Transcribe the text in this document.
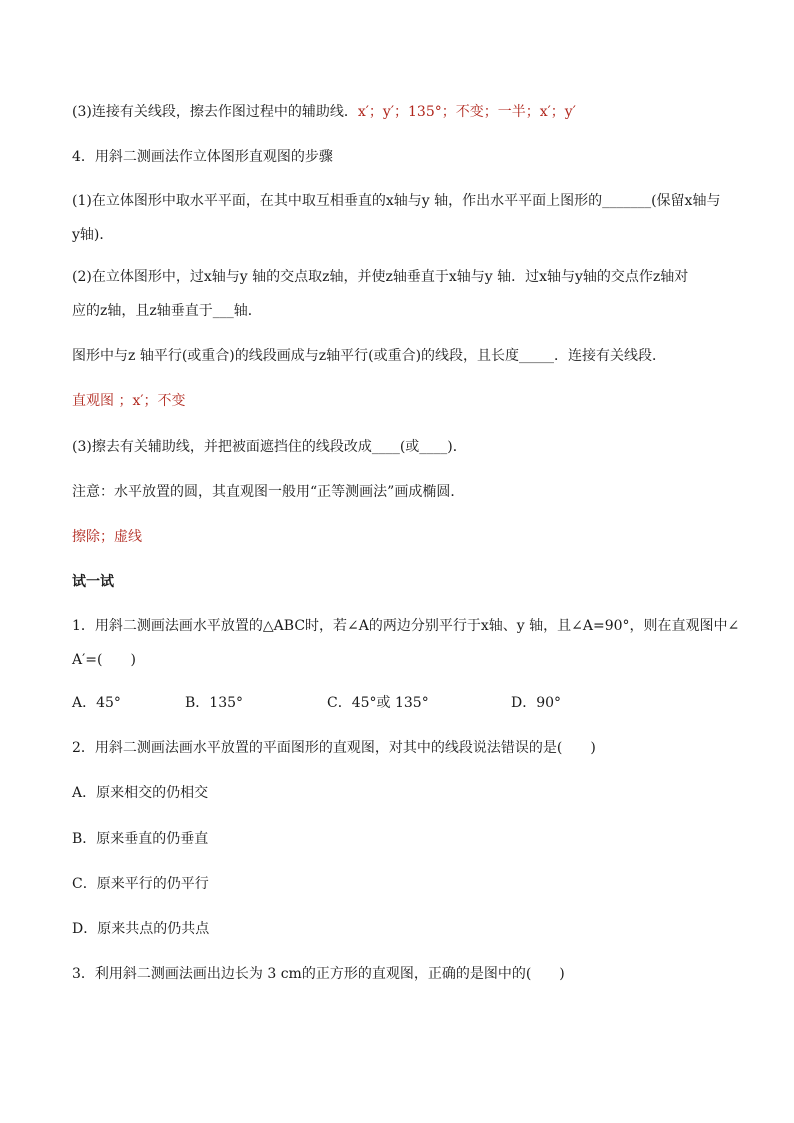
(3)连接有关线段，擦去作图过程中的辅助线．x′；y′；135°；不变；一半；x′；y′
4．用斜二测画法作立体图形直观图的步骤
(1)在立体图形中取水平平面，在其中取互相垂直的x轴与y 轴，作出水平平面上图形的_______(保留x轴与
y轴)．
(2)在立体图形中，过x轴与y 轴的交点取z轴，并使z轴垂直于x轴与y 轴．过x轴与y轴的交点作z轴对
应的z轴，且z轴垂直于___轴．
图形中与z 轴平行(或重合)的线段画成与z轴平行(或重合)的线段，且长度_____．连接有关线段．
直观图 ；x′；不变
(3)擦去有关辅助线，并把被面遮挡住的线段改成____(或____)．
注意：水平放置的圆，其直观图一般用“正等测画法”画成椭圆．
擦除；虚线
试一试
1．用斜二测画法画水平放置的△ABC时，若∠A的两边分别平行于x轴、y 轴，且∠A=90°，则在直观图中∠
A′=(　　)
A．45°	B．135°	C．45°或 135°	D．90°
2．用斜二测画法画水平放置的平面图形的直观图，对其中的线段说法错误的是(　　)
A．原来相交的仍相交
B．原来垂直的仍垂直
C．原来平行的仍平行
D．原来共点的仍共点
3．利用斜二测画法画出边长为 3 cm的正方形的直观图，正确的是图中的(　　)
